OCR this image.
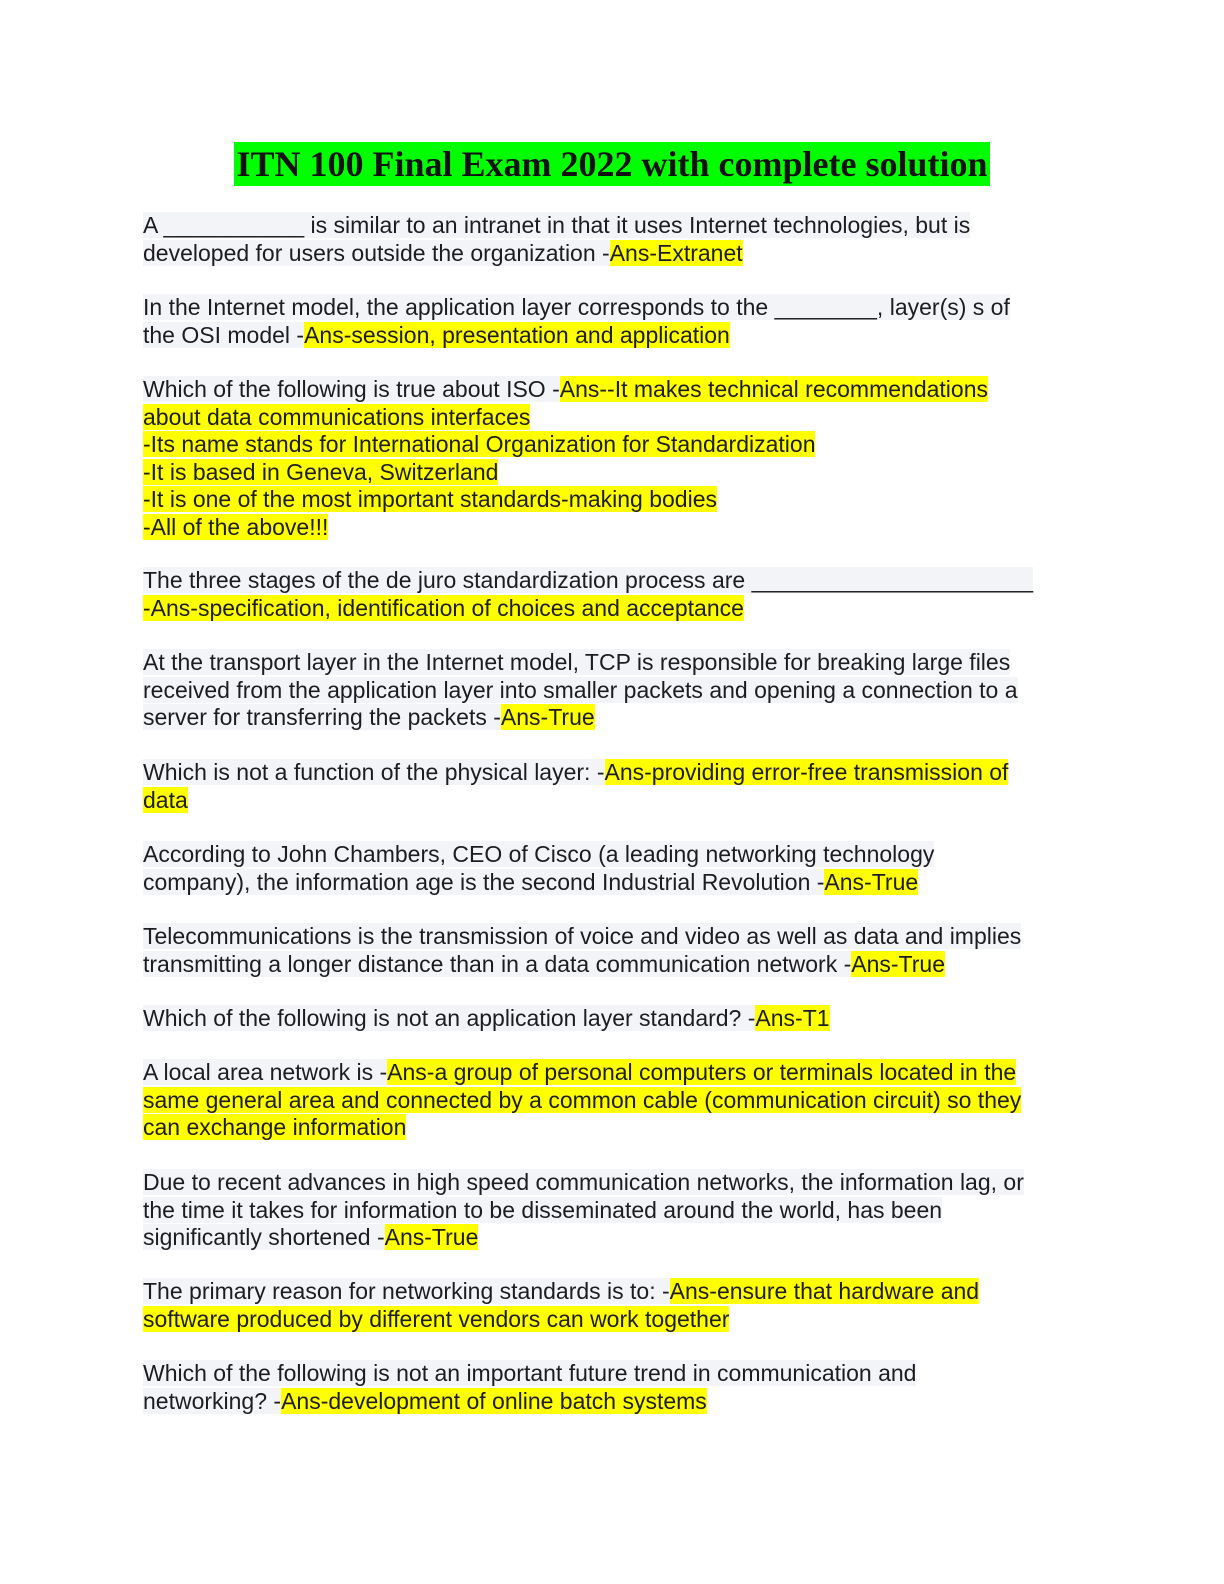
ITN 100 Final Exam 2022 with complete solution
A ___________ is similar to an intranet in that it uses Internet technologies, but is
developed for users outside the organization -Ans-Extranet
In the Internet model, the application layer corresponds to the ________, layer(s) s of
the OSI model -Ans-session, presentation and application
Which of the following is true about ISO -Ans--It makes technical recommendations
about data communications interfaces
-Its name stands for International Organization for Standardization
-It is based in Geneva, Switzerland
-It is one of the most important standards-making bodies
-All of the above!!!
The three stages of the de juro standardization process are ______________________
-Ans-specification, identification of choices and acceptance
At the transport layer in the Internet model, TCP is responsible for breaking large files
received from the application layer into smaller packets and opening a connection to a
server for transferring the packets -Ans-True
Which is not a function of the physical layer: -Ans-providing error-free transmission of
data
According to John Chambers, CEO of Cisco (a leading networking technology
company), the information age is the second Industrial Revolution -Ans-True
Telecommunications is the transmission of voice and video as well as data and implies
transmitting a longer distance than in a data communication network -Ans-True
Which of the following is not an application layer standard? -Ans-T1
A local area network is -Ans-a group of personal computers or terminals located in the
same general area and connected by a common cable (communication circuit) so they
can exchange information
Due to recent advances in high speed communication networks, the information lag, or
the time it takes for information to be disseminated around the world, has been
significantly shortened -Ans-True
The primary reason for networking standards is to: -Ans-ensure that hardware and
software produced by different vendors can work together
Which of the following is not an important future trend in communication and
networking? -Ans-development of online batch systems
